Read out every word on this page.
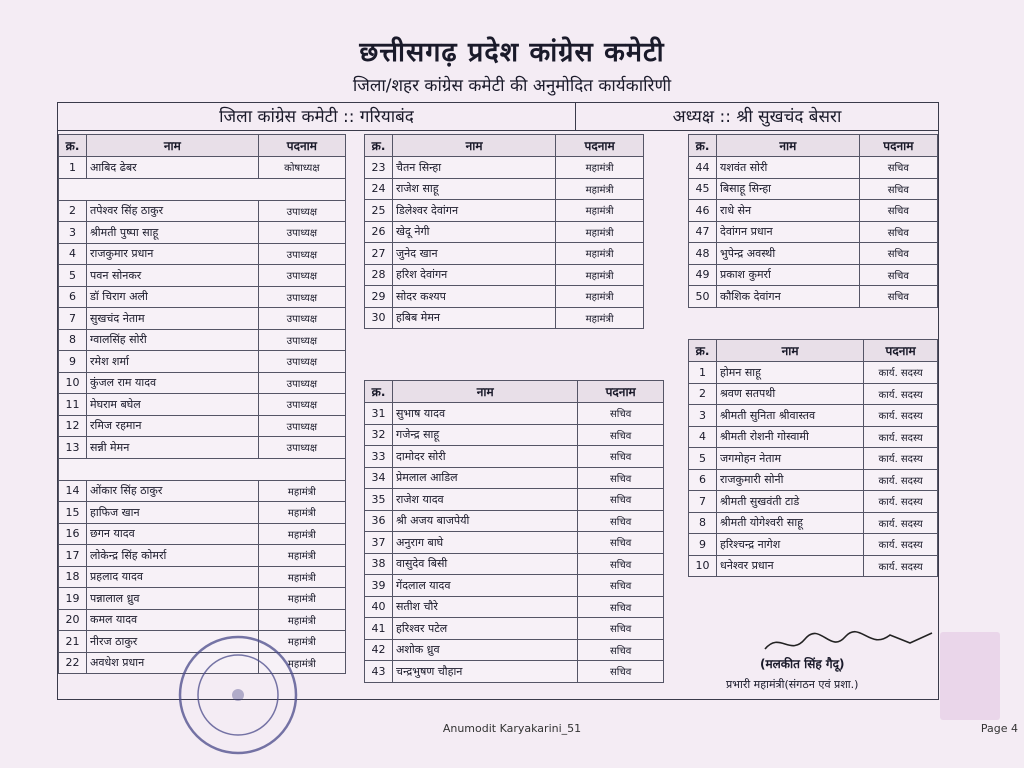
छत्तीसगढ़ प्रदेश कांग्रेस कमेटी
जिला/शहर कांग्रेस कमेटी की अनुमोदित कार्यकारिणी
जिला कांग्रेस कमेटी :: गरियाबंद	अध्यक्ष :: श्री सुखचंद बेसरा
क्र.	नाम	पदनाम
1	आबिद ढेबर	कोषाध्यक्ष

2	तपेश्वर सिंह ठाकुर	उपाध्यक्ष
3	श्रीमती पुष्पा साहू	उपाध्यक्ष
4	राजकुमार प्रधान	उपाध्यक्ष
5	पवन सोनकर	उपाध्यक्ष
6	डॉ चिराग अली	उपाध्यक्ष
7	सुखचंद नेताम	उपाध्यक्ष
8	ग्वालसिंह सोरी	उपाध्यक्ष
9	रमेश शर्मा	उपाध्यक्ष
10	कुंजल राम यादव	उपाध्यक्ष
11	मेघराम बघेल	उपाध्यक्ष
12	रमिज रहमान	उपाध्यक्ष
13	सन्नी मेमन	उपाध्यक्ष

14	ओंकार सिंह ठाकुर	महामंत्री
15	हाफिज खान	महामंत्री
16	छगन यादव	महामंत्री
17	लोकेन्द्र सिंह कोमर्रा	महामंत्री
18	प्रहलाद यादव	महामंत्री
19	पन्नालाल ध्रुव	महामंत्री
20	कमल यादव	महामंत्री
21	नीरज ठाकुर	महामंत्री
22	अवधेश प्रधान	महामंत्री
क्र.	नाम	पदनाम
23	चैतन सिन्हा	महामंत्री
24	राजेश साहू	महामंत्री
25	डिलेश्वर देवांगन	महामंत्री
26	खेदू नेगी	महामंत्री
27	जुनेद खान	महामंत्री
28	हरिश देवांगन	महामंत्री
29	सोदर कश्यप	महामंत्री
30	हबिब मेमन	महामंत्री
क्र.	नाम	पदनाम
31	सुभाष यादव	सचिव
32	गजेन्द्र साहू	सचिव
33	दामोदर सोरी	सचिव
34	प्रेमलाल आडिल	सचिव
35	राजेश यादव	सचिव
36	श्री अजय बाजपेयी	सचिव
37	अनुराग बाघे	सचिव
38	वासुदेव बिसी	सचिव
39	गेंदलाल यादव	सचिव
40	सतीश चौरे	सचिव
41	हरिश्वर पटेल	सचिव
42	अशोक ध्रुव	सचिव
43	चन्द्रभुषण चौहान	सचिव
क्र.	नाम	पदनाम
44	यशवंत सोरी	सचिव
45	बिसाहू सिन्हा	सचिव
46	राधे सेन	सचिव
47	देवांगन प्रधान	सचिव
48	भुपेन्द्र अवस्थी	सचिव
49	प्रकाश कुमर्रा	सचिव
50	कौशिक देवांगन	सचिव
क्र.	नाम	पदनाम
1	होमन साहू	कार्य. सदस्य
2	श्रवण सतपथी	कार्य. सदस्य
3	श्रीमती सुनिता श्रीवास्तव	कार्य. सदस्य
4	श्रीमती रोशनी गोस्वामी	कार्य. सदस्य
5	जगमोहन नेताम	कार्य. सदस्य
6	राजकुमारी सोनी	कार्य. सदस्य
7	श्रीमती सुखवंती टाडे	कार्य. सदस्य
8	श्रीमती योगेश्वरी साहू	कार्य. सदस्य
9	हरिश्चन्द्र नागेश	कार्य. सदस्य
10	धनेश्वर प्रधान	कार्य. सदस्य
(मलकीत सिंह गैदू)
प्रभारी महामंत्री(संगठन एवं प्रशा.)
Anumodit Karyakarini_51	Page 4
